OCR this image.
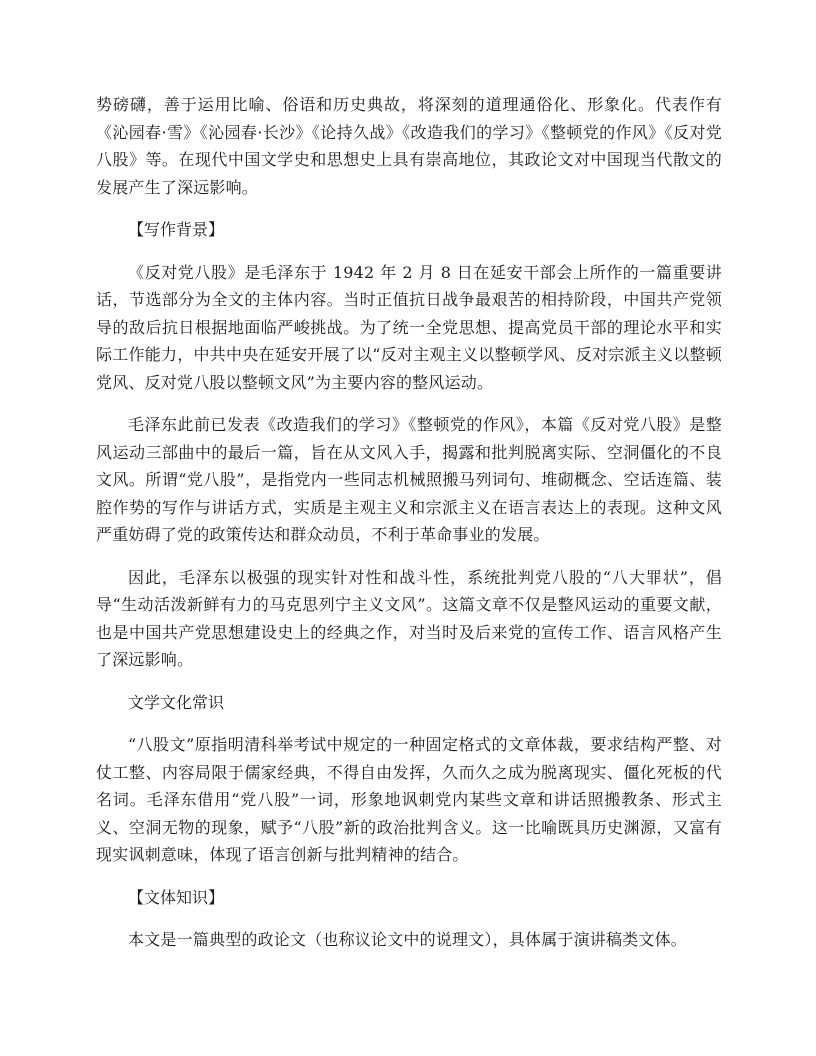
势磅礴，善于运用比喻、俗语和历史典故，将深刻的道理通俗化、形象化。代表作有《沁园春·雪》《沁园春·长沙》《论持久战》《改造我们的学习》《整顿党的作风》《反对党八股》等。在现代中国文学史和思想史上具有崇高地位，其政论文对中国现当代散文的发展产生了深远影响。

【写作背景】

《反对党八股》是毛泽东于 1942 年 2 月 8 日在延安干部会上所作的一篇重要讲话，节选部分为全文的主体内容。当时正值抗日战争最艰苦的相持阶段，中国共产党领导的敌后抗日根据地面临严峻挑战。为了统一全党思想、提高党员干部的理论水平和实际工作能力，中共中央在延安开展了以“反对主观主义以整顿学风、反对宗派主义以整顿党风、反对党八股以整顿文风”为主要内容的整风运动。

毛泽东此前已发表《改造我们的学习》《整顿党的作风》，本篇《反对党八股》是整风运动三部曲中的最后一篇，旨在从文风入手，揭露和批判脱离实际、空洞僵化的不良文风。所谓“党八股”，是指党内一些同志机械照搬马列词句、堆砌概念、空话连篇、装腔作势的写作与讲话方式，实质是主观主义和宗派主义在语言表达上的表现。这种文风严重妨碍了党的政策传达和群众动员，不利于革命事业的发展。

因此，毛泽东以极强的现实针对性和战斗性，系统批判党八股的“八大罪状”，倡导“生动活泼新鲜有力的马克思列宁主义文风”。这篇文章不仅是整风运动的重要文献，也是中国共产党思想建设史上的经典之作，对当时及后来党的宣传工作、语言风格产生了深远影响。

文学文化常识

“八股文”原指明清科举考试中规定的一种固定格式的文章体裁，要求结构严整、对仗工整、内容局限于儒家经典，不得自由发挥，久而久之成为脱离现实、僵化死板的代名词。毛泽东借用“党八股”一词，形象地讽刺党内某些文章和讲话照搬教条、形式主义、空洞无物的现象，赋予“八股”新的政治批判含义。这一比喻既具历史渊源，又富有现实讽刺意味，体现了语言创新与批判精神的结合。

【文体知识】

本文是一篇典型的政论文（也称议论文中的说理文），具体属于演讲稿类文体。
